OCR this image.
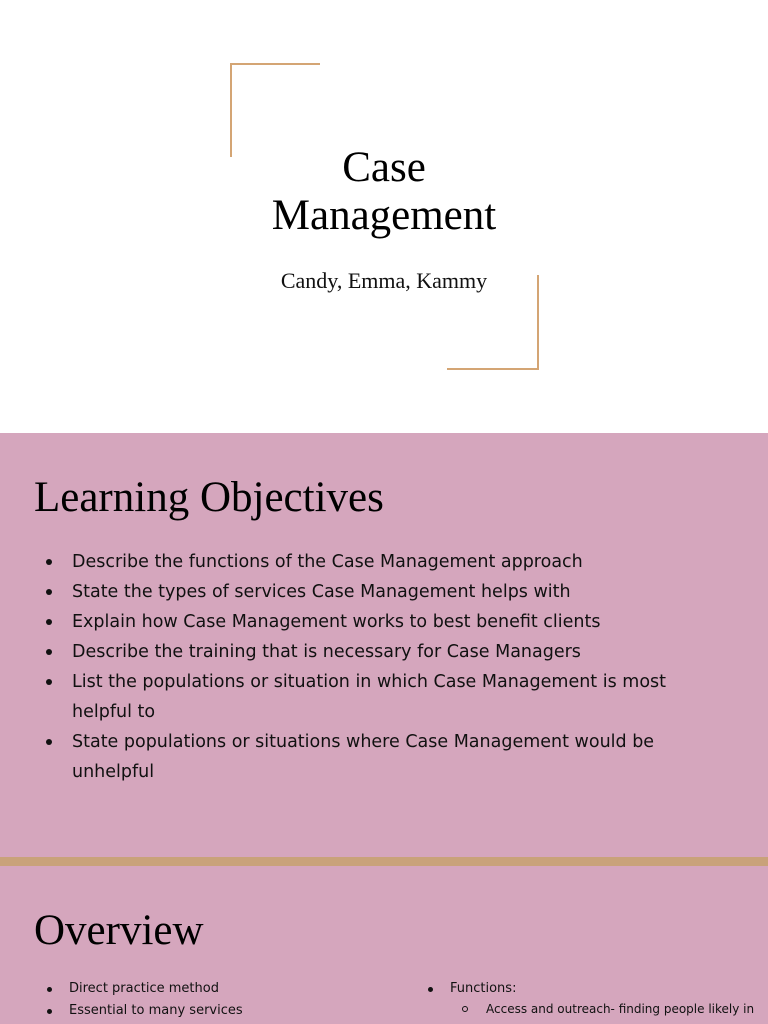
Case
Management
Candy, Emma, Kammy
Learning Objectives
Describe the functions of the Case Management approach
State the types of services Case Management helps with
Explain how Case Management works to best benefit clients
Describe the training that is necessary for Case Managers
List the populations or situation in which Case Management is most helpful to
State populations or situations where Case Management would be unhelpful
Overview
Direct practice method
Essential to many services
Functions:
Access and outreach- finding people likely in
